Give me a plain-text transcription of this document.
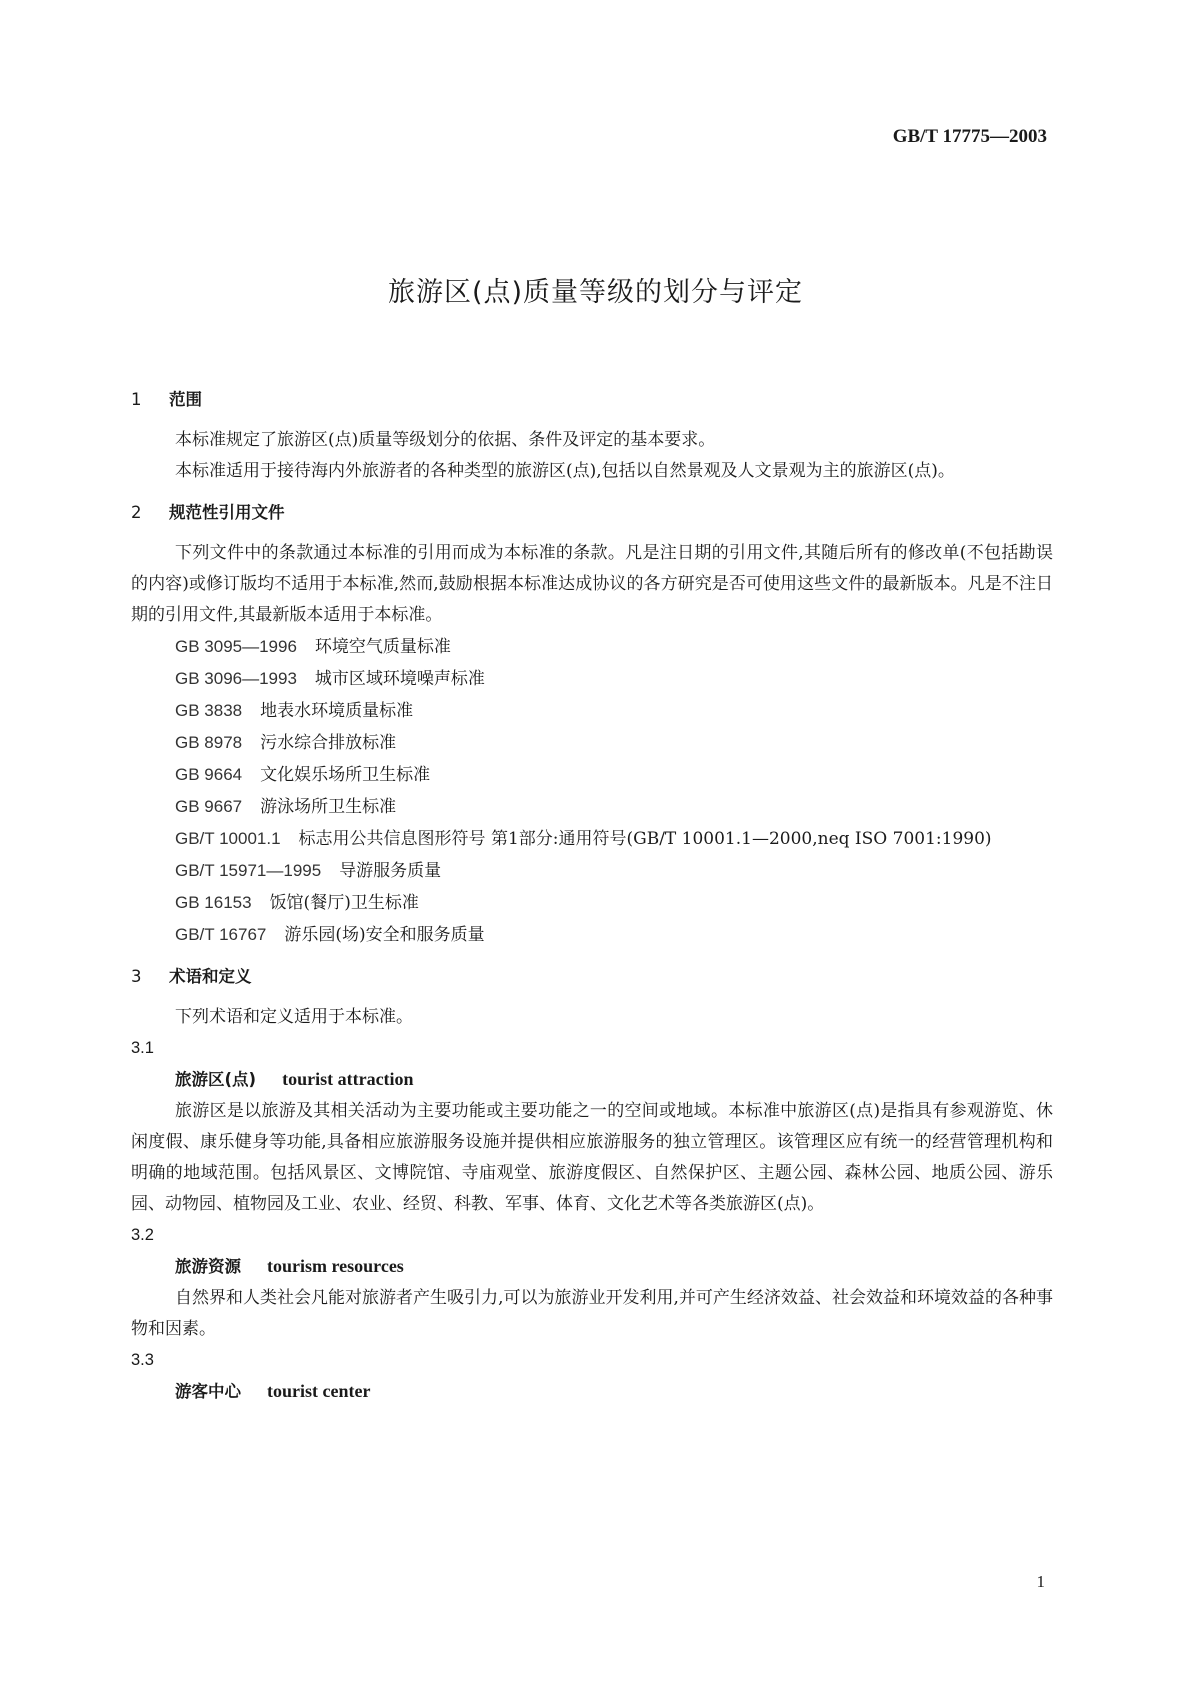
GB/T 17775—2003
旅游区(点)质量等级的划分与评定
1 范围

本标准规定了旅游区(点)质量等级划分的依据、条件及评定的基本要求。

本标准适用于接待海内外旅游者的各种类型的旅游区(点),包括以自然景观及人文景观为主的旅游区(点)。

2 规范性引用文件

下列文件中的条款通过本标准的引用而成为本标准的条款。凡是注日期的引用文件,其随后所有的修改单(不包括勘误的内容)或修订版均不适用于本标准,然而,鼓励根据本标准达成协议的各方研究是否可使用这些文件的最新版本。凡是不注日期的引用文件,其最新版本适用于本标准。

GB 3095—1996 环境空气质量标准
GB 3096—1993 城市区域环境噪声标准
GB 3838 地表水环境质量标准
GB 8978 污水综合排放标准
GB 9664 文化娱乐场所卫生标准
GB 9667 游泳场所卫生标准
GB/T 10001.1 标志用公共信息图形符号 第1部分:通用符号(GB/T 10001.1—2000,neq ISO 7001:1990)
GB/T 15971—1995 导游服务质量
GB 16153 饭馆(餐厅)卫生标准
GB/T 16767 游乐园(场)安全和服务质量
3 术语和定义

下列术语和定义适用于本标准。

3.1
旅游区(点) tourist attraction

旅游区是以旅游及其相关活动为主要功能或主要功能之一的空间或地域。本标准中旅游区(点)是指具有参观游览、休闲度假、康乐健身等功能,具备相应旅游服务设施并提供相应旅游服务的独立管理区。该管理区应有统一的经营管理机构和明确的地域范围。包括风景区、文博院馆、寺庙观堂、旅游度假区、自然保护区、主题公园、森林公园、地质公园、游乐园、动物园、植物园及工业、农业、经贸、科教、军事、体育、文化艺术等各类旅游区(点)。

3.2
旅游资源 tourism resources

自然界和人类社会凡能对旅游者产生吸引力,可以为旅游业开发利用,并可产生经济效益、社会效益和环境效益的各种事物和因素。

3.3
游客中心 tourist center
1
